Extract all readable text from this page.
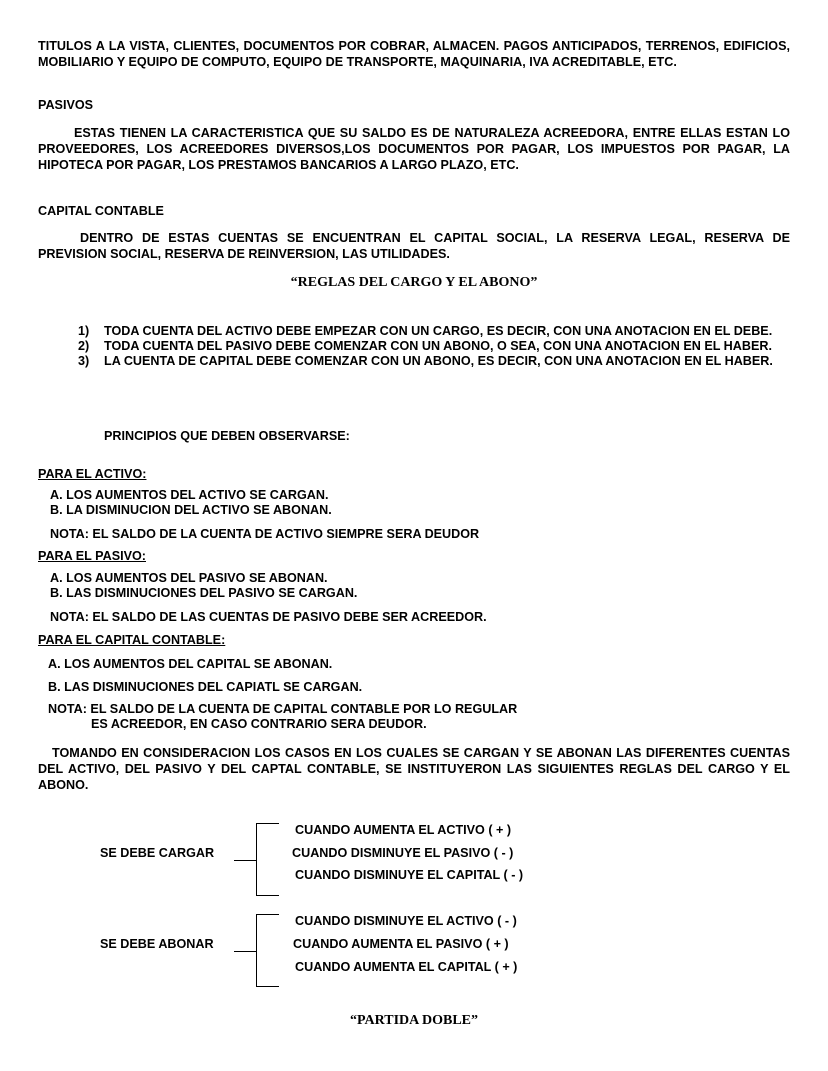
TITULOS A LA VISTA, CLIENTES, DOCUMENTOS POR COBRAR, ALMACEN. PAGOS ANTICIPADOS, TERRENOS, EDIFICIOS, MOBILIARIO Y EQUIPO DE COMPUTO, EQUIPO DE TRANSPORTE, MAQUINARIA, IVA ACREDITABLE, ETC.

PASIVOS

ESTAS TIENEN LA CARACTERISTICA QUE SU SALDO ES DE NATURALEZA ACREEDORA, ENTRE ELLAS ESTAN LO PROVEEDORES, LOS ACREEDORES DIVERSOS,LOS DOCUMENTOS POR PAGAR, LOS IMPUESTOS POR PAGAR, LA HIPOTECA POR PAGAR, LOS PRESTAMOS BANCARIOS A LARGO PLAZO, ETC.

CAPITAL CONTABLE

DENTRO DE ESTAS CUENTAS SE ENCUENTRAN EL CAPITAL SOCIAL, LA RESERVA LEGAL, RESERVA DE PREVISION SOCIAL, RESERVA DE REINVERSION, LAS UTILIDADES.

“REGLAS DEL CARGO Y EL ABONO”

1) TODA CUENTA DEL ACTIVO DEBE EMPEZAR CON UN CARGO, ES DECIR, CON UNA ANOTACION EN EL DEBE.
2) TODA CUENTA DEL PASIVO DEBE COMENZAR CON UN ABONO, O SEA, CON UNA ANOTACION EN EL HABER.
3) LA CUENTA DE CAPITAL DEBE COMENZAR CON UN ABONO, ES DECIR, CON UNA ANOTACION EN EL HABER.

PRINCIPIOS QUE DEBEN OBSERVARSE:

PARA EL ACTIVO:

A. LOS AUMENTOS DEL ACTIVO SE CARGAN.
B. LA DISMINUCION DEL ACTIVO SE ABONAN.

NOTA: EL SALDO DE LA CUENTA DE ACTIVO SIEMPRE SERA DEUDOR

PARA EL PASIVO:

A. LOS AUMENTOS DEL PASIVO SE ABONAN.
B. LAS DISMINUCIONES DEL PASIVO SE CARGAN.

NOTA: EL SALDO DE LAS CUENTAS DE PASIVO DEBE SER ACREEDOR.

PARA EL CAPITAL CONTABLE:

A. LOS AUMENTOS DEL CAPITAL SE ABONAN.

B. LAS DISMINUCIONES DEL CAPIATL SE CARGAN.

NOTA: EL SALDO DE LA CUENTA DE CAPITAL CONTABLE POR LO REGULAR

ES ACREEDOR, EN CASO CONTRARIO SERA DEUDOR.

TOMANDO EN CONSIDERACION LOS CASOS EN LOS CUALES SE CARGAN Y SE ABONAN LAS DIFERENTES CUENTAS DEL ACTIVO, DEL PASIVO Y DEL CAPTAL CONTABLE, SE INSTITUYERON LAS SIGUIENTES REGLAS DEL CARGO Y EL ABONO.

SE DEBE CARGAR

CUANDO AUMENTA EL ACTIVO ( + )

CUANDO DISMINUYE EL PASIVO ( - )

CUANDO DISMINUYE EL CAPITAL ( - )

SE DEBE ABONAR

CUANDO DISMINUYE EL ACTIVO ( - )

CUANDO AUMENTA EL PASIVO ( + )

CUANDO AUMENTA EL CAPITAL ( + )

“PARTIDA DOBLE”
